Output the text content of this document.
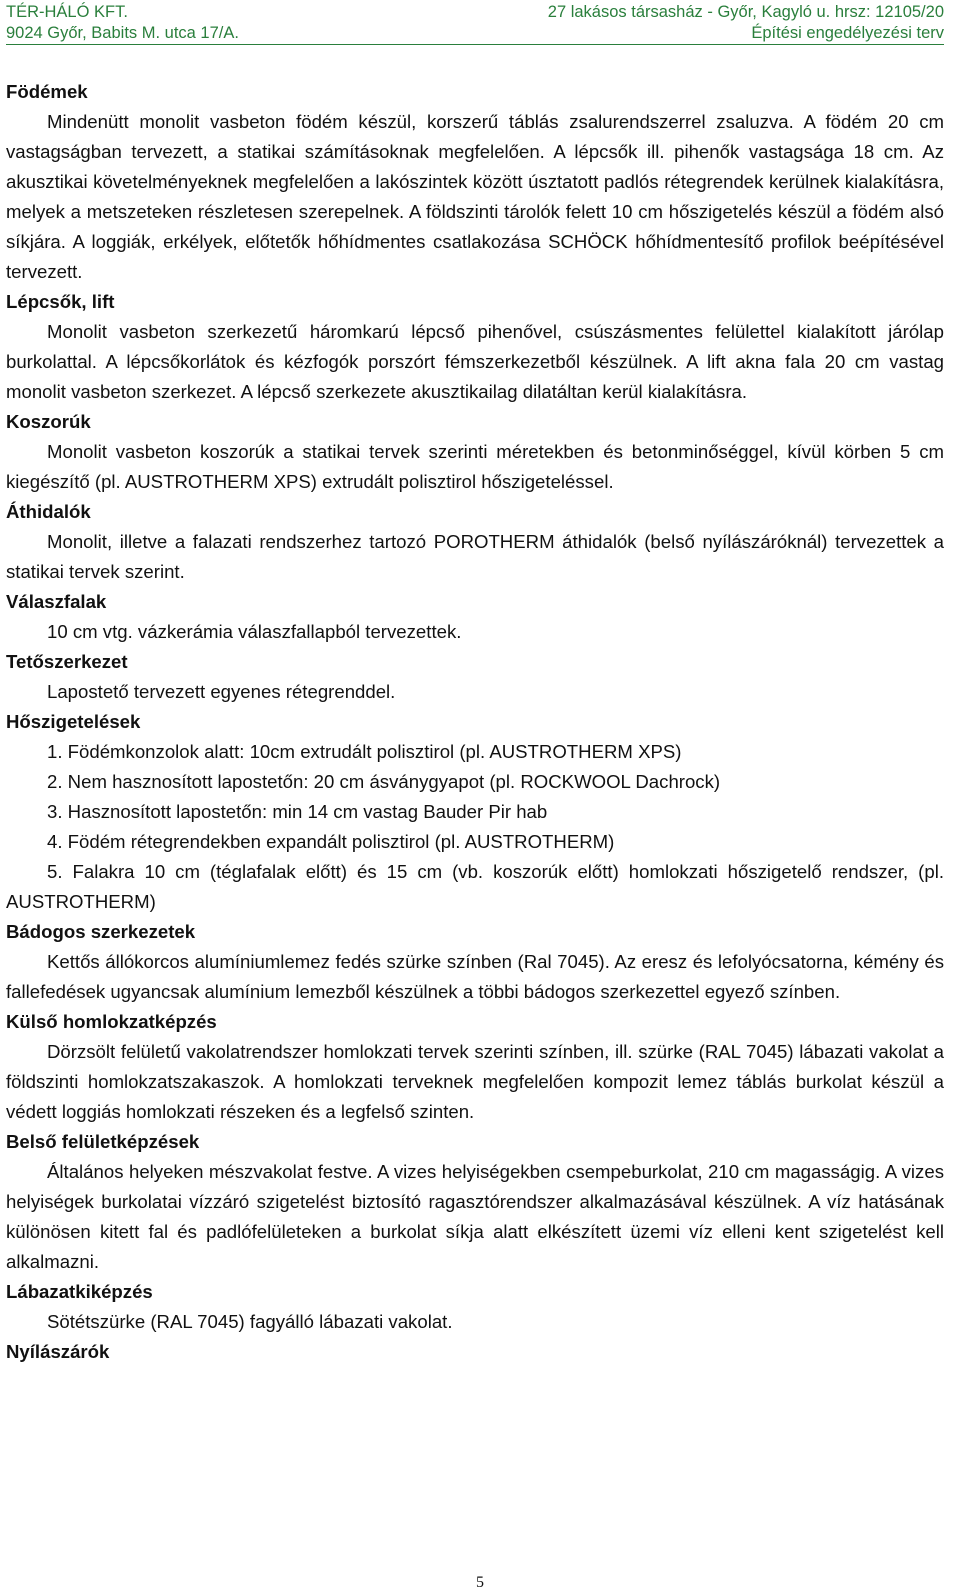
TÉR-HÁLÓ KFT.
9024 Győr, Babits M. utca 17/A.
27 lakásos társasház - Győr, Kagyló u. hrsz: 12105/20
Építési engedélyezési terv

Födémek

Mindenütt monolit vasbeton födém készül, korszerű táblás zsalurendszerrel zsaluzva. A födém 20 cm vastagságban tervezett, a statikai számításoknak megfelelően. A lépcsők ill. pihenők vastagsága 18 cm. Az akusztikai követelményeknek megfelelően a lakószintek között úsztatott padlós rétegrendek kerülnek kialakításra, melyek a metszeteken részletesen szerepelnek. A földszinti tárolók felett 10 cm hőszigetelés készül a födém alsó síkjára. A loggiák, erkélyek, előtetők hőhídmentes csatlakozása SCHÖCK hőhídmentesítő profilok beépítésével tervezett.

Lépcsők, lift

Monolit vasbeton szerkezetű háromkarú lépcső pihenővel, csúszásmentes felülettel kialakított járólap burkolattal. A lépcsőkorlátok és kézfogók porszórt fémszerkezetből készülnek. A lift akna fala 20 cm vastag monolit vasbeton szerkezet. A lépcső szerkezete akusztikailag dilatáltan kerül kialakításra.

Koszorúk

Monolit vasbeton koszorúk a statikai tervek szerinti méretekben és betonminőséggel, kívül körben 5 cm kiegészítő (pl. AUSTROTHERM XPS) extrudált polisztirol hőszigeteléssel.

Áthidalók

Monolit, illetve a falazati rendszerhez tartozó POROTHERM áthidalók (belső nyílászáróknál) tervezettek a statikai tervek szerint.

Válaszfalak

10 cm vtg. vázkerámia válaszfallapból tervezettek.

Tetőszerkezet

Lapostető tervezett egyenes rétegrenddel.

Hőszigetelések

1. Födémkonzolok alatt: 10cm extrudált polisztirol (pl. AUSTROTHERM XPS)

2. Nem hasznosított lapostetőn: 20 cm ásványgyapot (pl. ROCKWOOL Dachrock)

3. Hasznosított lapostetőn: min 14 cm vastag Bauder Pir hab

4. Födém rétegrendekben expandált polisztirol (pl. AUSTROTHERM)

5. Falakra 10 cm (téglafalak előtt) és 15 cm (vb. koszorúk előtt) homlokzati hőszigetelő rendszer, (pl. AUSTROTHERM)

Bádogos szerkezetek

Kettős állókorcos alumíniumlemez fedés szürke színben (Ral 7045). Az eresz és lefolyócsatorna, kémény és fallefedések ugyancsak alumínium lemezből készülnek a többi bádogos szerkezettel egyező színben.

Külső homlokzatképzés

Dörzsölt felületű vakolatrendszer homlokzati tervek szerinti színben, ill. szürke (RAL 7045) lábazati vakolat a földszinti homlokzatszakaszok. A homlokzati terveknek megfelelően kompozit lemez táblás burkolat készül a védett loggiás homlokzati részeken és a legfelső szinten.

Belső felületképzések

Általános helyeken mészvakolat festve. A vizes helyiségekben csempeburkolat, 210 cm magasságig. A vizes helyiségek burkolatai vízzáró szigetelést biztosító ragasztórendszer alkalmazásával készülnek. A víz hatásának különösen kitett fal és padlófelületeken a burkolat síkja alatt elkészített üzemi víz elleni kent szigetelést kell alkalmazni.

Lábazatkiképzés

Sötétszürke (RAL 7045) fagyálló lábazati vakolat.

Nyílászárók

5
